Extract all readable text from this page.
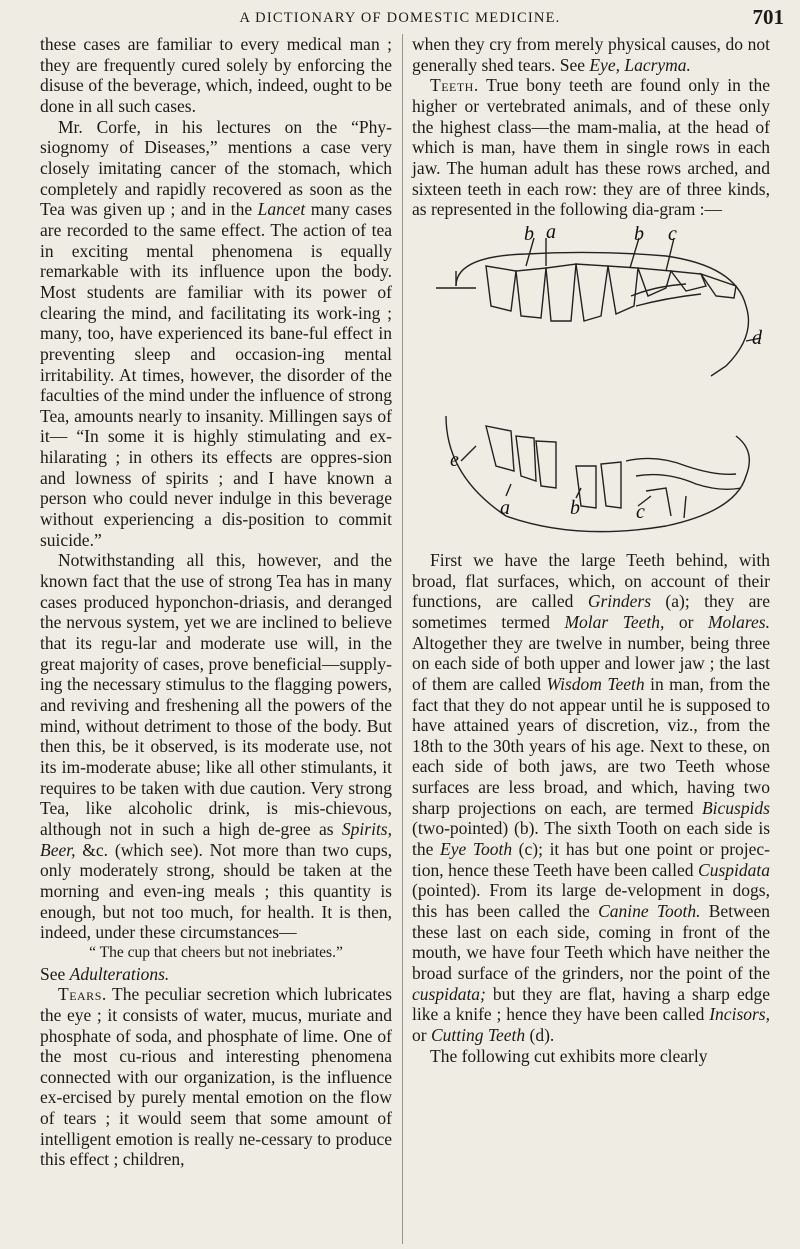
A DICTIONARY OF DOMESTIC MEDICINE.	701

these cases are familiar to every medical man ; they are frequently cured solely by enforcing the disuse of the beverage, which, indeed, ought to be done in all such cases.

Mr. Corfe, in his lectures on the “Phy-siognomy of Diseases,” mentions a case very closely imitating cancer of the stomach, which completely and rapidly recovered as soon as the Tea was given up ; and in the Lancet many cases are recorded to the same effect. The action of tea in exciting mental phenomena is equally remarkable with its influence upon the body. Most students are familiar with its power of clearing the mind, and facilitating its work-ing ; many, too, have experienced its bane-ful effect in preventing sleep and occasion-ing mental irritability. At times, however, the disorder of the faculties of the mind under the influence of strong Tea, amounts nearly to insanity. Millingen says of it— “In some it is highly stimulating and ex-hilarating ; in others its effects are oppres-sion and lowness of spirits ; and I have known a person who could never indulge in this beverage without experiencing a dis-position to commit suicide.”

Notwithstanding all this, however, and the known fact that the use of strong Tea has in many cases produced hyponchon-driasis, and deranged the nervous system, yet we are inclined to believe that its regu-lar and moderate use will, in the great majority of cases, prove beneficial—supply-ing the necessary stimulus to the flagging powers, and reviving and freshening all the powers of the mind, without detriment to those of the body. But then this, be it observed, is its moderate use, not its im-moderate abuse; like all other stimulants, it requires to be taken with due caution. Very strong Tea, like alcoholic drink, is mis-chievous, although not in such a high de-gree as Spirits, Beer, &c. (which see). Not more than two cups, only moderately strong, should be taken at the morning and even-ing meals ; this quantity is enough, but not too much, for health. It is then, indeed, under these circumstances—

“ The cup that cheers but not inebriates.”

See Adulterations.

Tears. The peculiar secretion which lubricates the eye ; it consists of water, mucus, muriate and phosphate of soda, and phosphate of lime. One of the most cu-rious and interesting phenomena connected with our organization, is the influence ex-ercised by purely mental emotion on the flow of tears ; it would seem that some amount of intelligent emotion is really ne-cessary to produce this effect ; children,

when they cry from merely physical causes, do not generally shed tears. See Eye, Lacryma.

Teeth. True bony teeth are found only in the higher or vertebrated animals, and of these only the highest class—the mam-malia, at the head of which is man, have them in single rows in each jaw. The human adult has these rows arched, and sixteen teeth in each row: they are of three kinds, as represented in the following dia-gram :—

b a	b c
d
e
a	b	c

First we have the large Teeth behind, with broad, flat surfaces, which, on account of their functions, are called Grinders (a); they are sometimes termed Molar Teeth, or Molares. Altogether they are twelve in number, being three on each side of both upper and lower jaw ; the last of them are called Wisdom Teeth in man, from the fact that they do not appear until he is supposed to have attained years of discretion, viz., from the 18th to the 30th years of his age. Next to these, on each side of both jaws, are two Teeth whose surfaces are less broad, and which, having two sharp projections on each, are termed Bicuspids (two-pointed) (b). The sixth Tooth on each side is the Eye Tooth (c); it has but one point or projec-tion, hence these Teeth have been called Cuspidata (pointed). From its large de-velopment in dogs, this has been called the Canine Tooth. Between these last on each side, coming in front of the mouth, we have four Teeth which have neither the broad surface of the grinders, nor the point of the cuspidata; but they are flat, having a sharp edge like a knife ; hence they have been called Incisors, or Cutting Teeth (d).

The following cut exhibits more clearly
